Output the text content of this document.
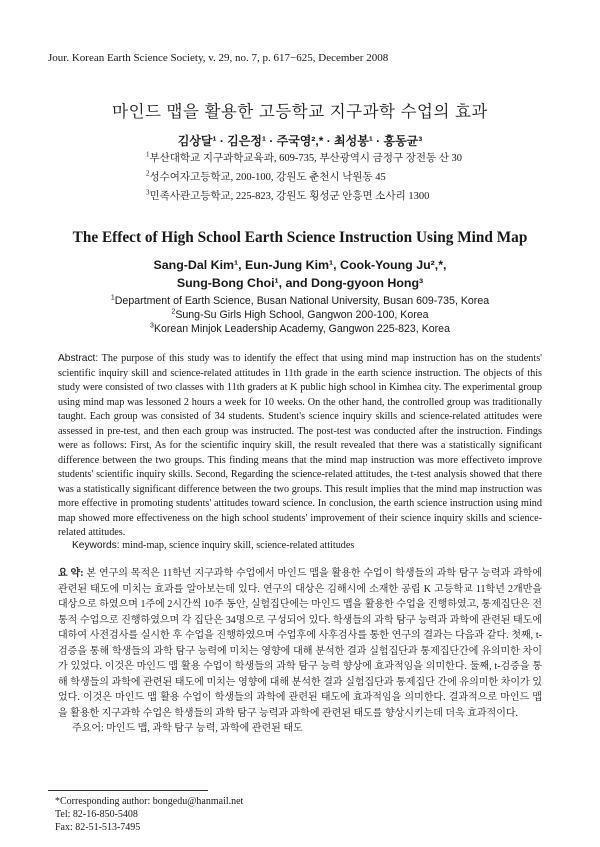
Jour. Korean Earth Science Society, v. 29, no. 7, p. 617−625, December 2008
마인드 맵을 활용한 고등학교 지구과학 수업의 효과
김상달¹ · 김은정¹ · 주국영²,* · 최성봉¹ · 홍동균³
$^1$부산대학교 지구과학교육과, 609-735, 부산광역시 금정구 장전동 산 30
$^2$성수여자고등학교, 200-100, 강원도 춘천시 낙원동 45
$^3$민족사관고등학교, 225-823, 강원도 횡성군 안흥면 소사리 1300
The Effect of High School Earth Science Instruction Using Mind Map
Sang-Dal Kim¹, Eun-Jung Kim¹, Cook-Young Ju²,*,
Sung-Bong Choi¹, and Dong-gyoon Hong³
$^1$Department of Earth Science, Busan National University, Busan 609-735, Korea
$^2$Sung-Su Girls High School, Gangwon 200-100, Korea
$^3$Korean Minjok Leadership Academy, Gangwon 225-823, Korea
Abstract: The purpose of this study was to identify the effect that using mind map instruction has on the students' scientific inquiry skill and science-related attitudes in 11th grade in the earth science instruction. The objects of this study were consisted of two classes with 11th graders at K public high school in Kimhea city. The experimental group using mind map was lessoned 2 hours a week for 10 weeks. On the other hand, the controlled group was traditionally taught. Each group was consisted of 34 students. Student's science inquiry skills and science-related attitudes were assessed in pre-test, and then each group was instructed. The post-test was conducted after the instruction. Findings were as follows: First, As for the scientific inquiry skill, the result revealed that there was a statistically significant difference between the two groups. This finding means that the mind map instruction was more effectiveto improve students' scientific inquiry skills. Second, Regarding the science-related attitudes, the t-test analysis showed that there was a statistically significant difference between the two groups. This result implies that the mind map instruction was more effective in promoting students' attitudes toward science. In conclusion, the earth science instruction using mind map showed more effectiveness on the high school students' improvement of their science inquiry skills and science-related attitudes.
Keywords: mind-map, science inquiry skill, science-related attitudes
요 약: 본 연구의 목적은 11학년 지구과학 수업에서 마인드 맵을 활용한 수업이 학생들의 과학 탐구 능력과 과학에 관련된 태도에 미치는 효과를 알아보는데 있다. 연구의 대상은 김해시에 소재한 공립 K 고등학교 11학년 2개반을 대상으로 하였으며 1주에 2시간씩 10주 동안, 실험집단에는 마인드 맵을 활용한 수업을 진행하였고, 통제집단은 전통적 수업으로 진행하였으며 각 집단은 34명으로 구성되어 있다. 학생들의 과학 탐구 능력과 과학에 관련된 태도에 대하여 사전검사를 실시한 후 수업을 진행하였으며 수업후에 사후검사를 통한 연구의 결과는 다음과 같다. 첫째, t-검증을 통해 학생들의 과학 탐구 능력에 미치는 영향에 대해 분석한 결과 실험집단과 통제집단간에 유의미한 차이가 있었다. 이것은 마인드 맵 활용 수업이 학생들의 과학 탐구 능력 향상에 효과적임을 의미한다. 둘째, t-검증을 통해 학생들의 과학에 관련된 태도에 미치는 영향에 대해 분석한 결과 실험집단과 통제집단 간에 유의미한 차이가 있었다. 이것은 마인드 맵 활용 수업이 학생들의 과학에 관련된 태도에 효과적임을 의미한다. 결과적으로 마인드 맵을 활용한 지구과학 수업은 학생들의 과학 탐구 능력과 과학에 관련된 태도를 향상시키는데 더욱 효과적이다.
주요어: 마인드 맵, 과학 탐구 능력, 과학에 관련된 태도
*Corresponding author: bongedu@hanmail.net
Tel: 82-16-850-5408
Fax: 82-51-513-7495
